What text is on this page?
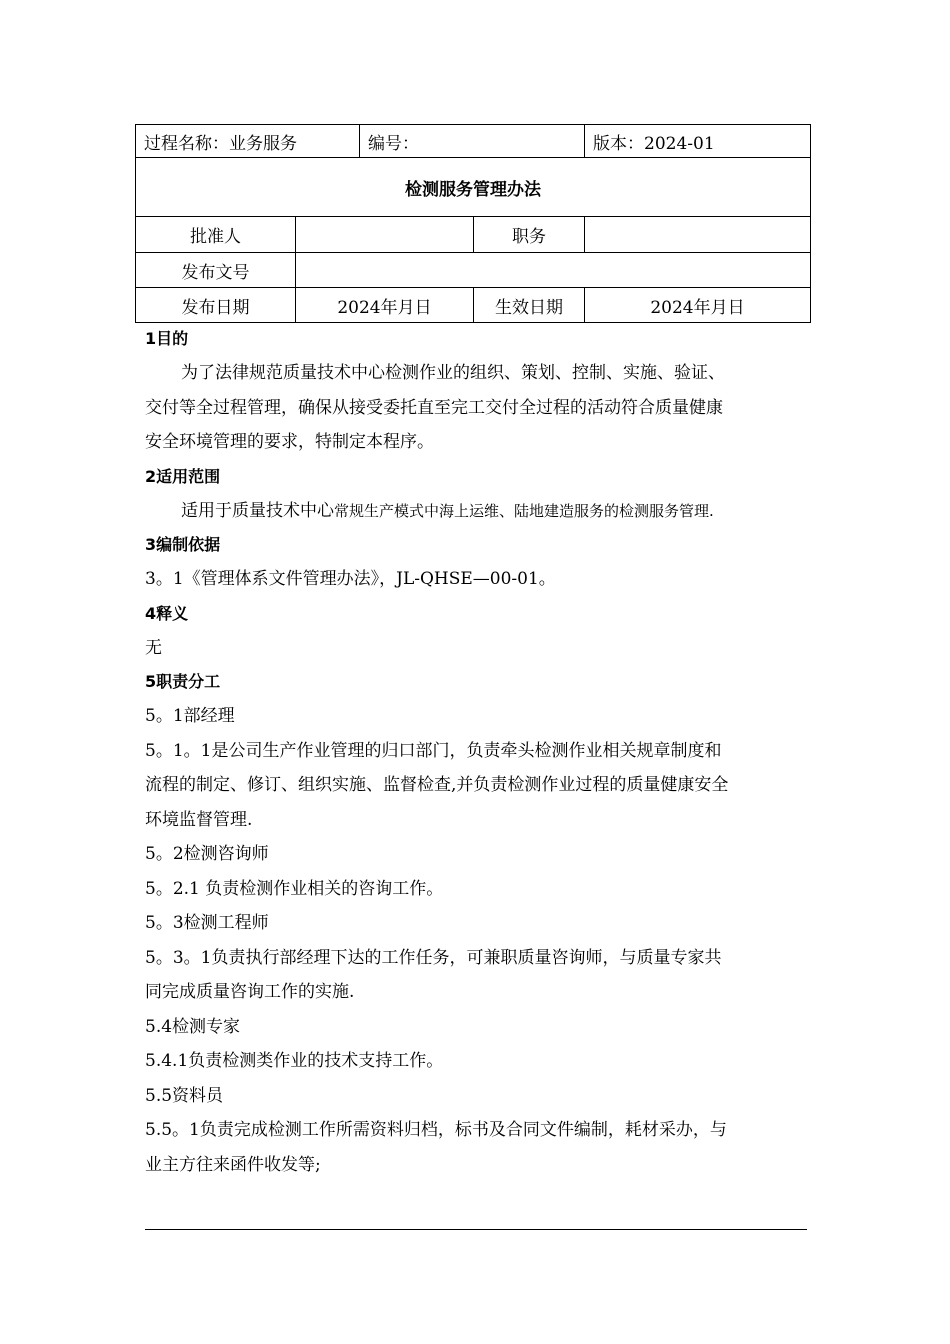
过程名称：业务服务		编号：		版本：2024-01
检测服务管理办法				
批准人			职务	
发布文号				
发布日期	2024年月日		生效日期	2024年月日
1目的

为了法律规范质量技术中心检测作业的组织、策划、控制、实施、验证、

交付等全过程管理，确保从接受委托直至完工交付全过程的活动符合质量健康

安全环境管理的要求，特制定本程序。

2适用范围

适用于质量技术中心常规生产模式中海上运维、陆地建造服务的检测服务管理.

3编制依据

3。1《管理体系文件管理办法》，JL-QHSE—00-01。

4释义

无

5职责分工

5。1部经理

5。1。1是公司生产作业管理的归口部门，负责牵头检测作业相关规章制度和

流程的制定、修订、组织实施、监督检查,并负责检测作业过程的质量健康安全

环境监督管理.

5。2检测咨询师

5。2.1 负责检测作业相关的咨询工作。

5。3检测工程师

5。3。1负责执行部经理下达的工作任务，可兼职质量咨询师，与质量专家共

同完成质量咨询工作的实施.

5.4检测专家

5.4.1负责检测类作业的技术支持工作。

5.5资料员

5.5。1负责完成检测工作所需资料归档，标书及合同文件编制，耗材采办，与

业主方往来函件收发等;
